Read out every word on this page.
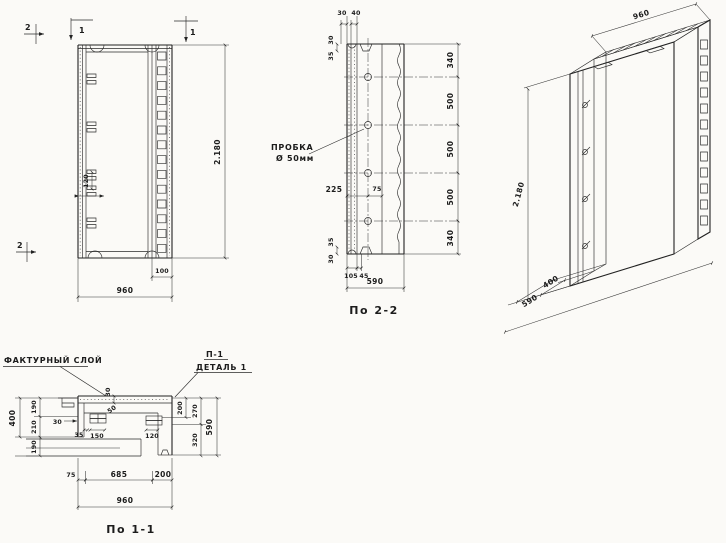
120
2.180
960
100
1	1
2
2
30 40
30
35
35
30
225	75
105 45
340
500
500
500
340
590
ПРОБКА
Ø 50мм
По 2-2
960
2.180
400
590
400
190
210
190
200 270
320
590
75	685	200
960
30
35 150	120
30
50
ФАКТУРНЫЙ СЛОЙ
П-1
ДЕТАЛЬ 1
По 1-1
